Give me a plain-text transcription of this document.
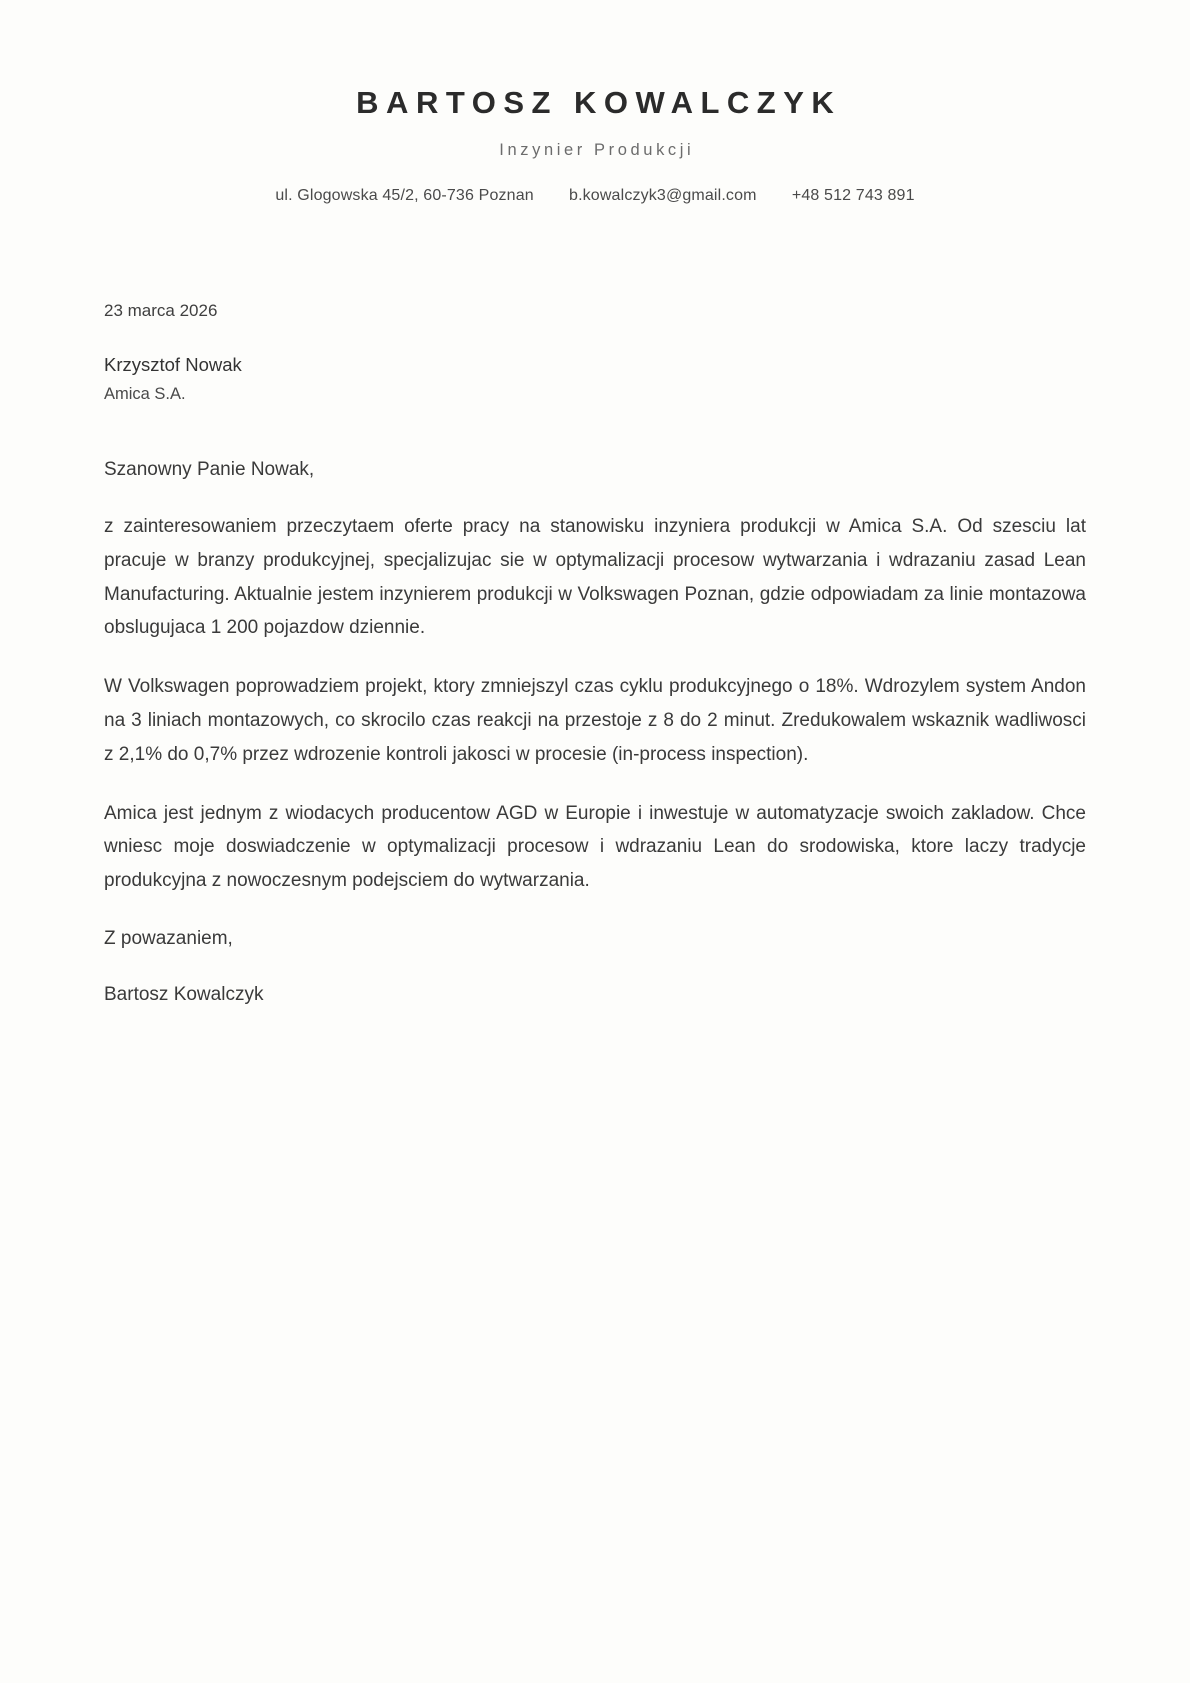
BARTOSZ KOWALCZYK
Inzynier Produkcji
ul. Glogowska 45/2, 60-736 Poznan b.kowalczyk3@gmail.com +48 512 743 891
23 marca 2026
Krzysztof Nowak
Amica S.A.
Szanowny Panie Nowak,

z zainteresowaniem przeczytaem oferte pracy na stanowisku inzyniera produkcji w Amica S.A. Od szesciu lat pracuje w branzy produkcyjnej, specjalizujac sie w optymalizacji procesow wytwarzania i wdrazaniu zasad Lean Manufacturing. Aktualnie jestem inzynierem produkcji w Volkswagen Poznan, gdzie odpowiadam za linie montazowa obslugujaca 1 200 pojazdow dziennie.

W Volkswagen poprowadziem projekt, ktory zmniejszyl czas cyklu produkcyjnego o 18%. Wdrozylem system Andon na 3 liniach montazowych, co skrocilo czas reakcji na przestoje z 8 do 2 minut. Zredukowalem wskaznik wadliwosci z 2,1% do 0,7% przez wdrozenie kontroli jakosci w procesie (in-process inspection).

Amica jest jednym z wiodacych producentow AGD w Europie i inwestuje w automatyzacje swoich zakladow. Chce wniesc moje doswiadczenie w optymalizacji procesow i wdrazaniu Lean do srodowiska, ktore laczy tradycje produkcyjna z nowoczesnym podejsciem do wytwarzania.

Z powazaniem,
Bartosz Kowalczyk
